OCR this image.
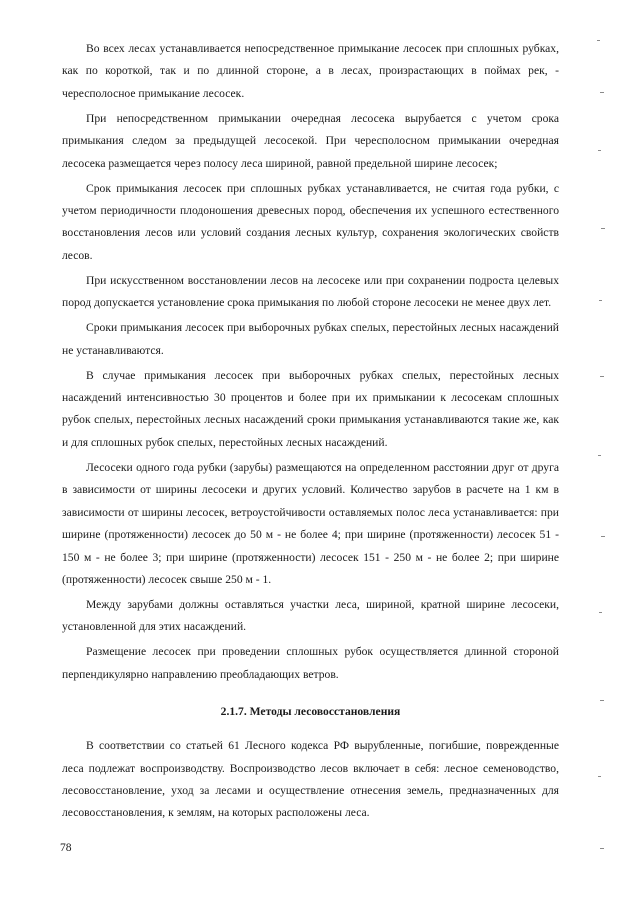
Во всех лесах устанавливается непосредственное примыкание лесосек при сплошных рубках, как по короткой, так и по длинной стороне, а в лесах, произрастающих в поймах рек, - чересполосное примыкание лесосек.

При непосредственном примыкании очередная лесосека вырубается с учетом срока примыкания следом за предыдущей лесосекой. При чересполосном примыкании очередная лесосека размещается через полосу леса шириной, равной предельной ширине лесосек;

Срок примыкания лесосек при сплошных рубках устанавливается, не считая года рубки, с учетом периодичности плодоношения древесных пород, обеспечения их успешного естественного восстановления лесов или условий создания лесных культур, сохранения экологических свойств лесов.

При искусственном восстановлении лесов на лесосеке или при сохранении подроста целевых пород допускается установление срока примыкания по любой стороне лесосеки не менее двух лет.

Сроки примыкания лесосек при выборочных рубках спелых, перестойных лесных насаждений не устанавливаются.

В случае примыкания лесосек при выборочных рубках спелых, перестойных лесных насаждений интенсивностью 30 процентов и более при их примыкании к лесосекам сплошных рубок спелых, перестойных лесных насаждений сроки примыкания устанавливаются такие же, как и для сплошных рубок спелых, перестойных лесных насаждений.

Лесосеки одного года рубки (зарубы) размещаются на определенном расстоянии друг от друга в зависимости от ширины лесосеки и других условий. Количество зарубов в расчете на 1 км в зависимости от ширины лесосек, ветроустойчивости оставляемых полос леса устанавливается: при ширине (протяженности) лесосек до 50 м - не более 4; при ширине (протяженности) лесосек 51 - 150 м - не более 3; при ширине (протяженности) лесосек 151 - 250 м - не более 2; при ширине (протяженности) лесосек свыше 250 м - 1.

Между зарубами должны оставляться участки леса, шириной, кратной ширине лесосеки, установленной для этих насаждений.

Размещение лесосек при проведении сплошных рубок осуществляется длинной стороной перпендикулярно направлению преобладающих ветров.

2.1.7. Методы лесовосстановления

В соответствии со статьей 61 Лесного кодекса РФ вырубленные, погибшие, поврежденные леса подлежат воспроизводству. Воспроизводство лесов включает в себя: лесное семеноводство, лесовосстановление, уход за лесами и осуществление отнесения земель, предназначенных для лесовосстановления, к землям, на которых расположены леса.

78
